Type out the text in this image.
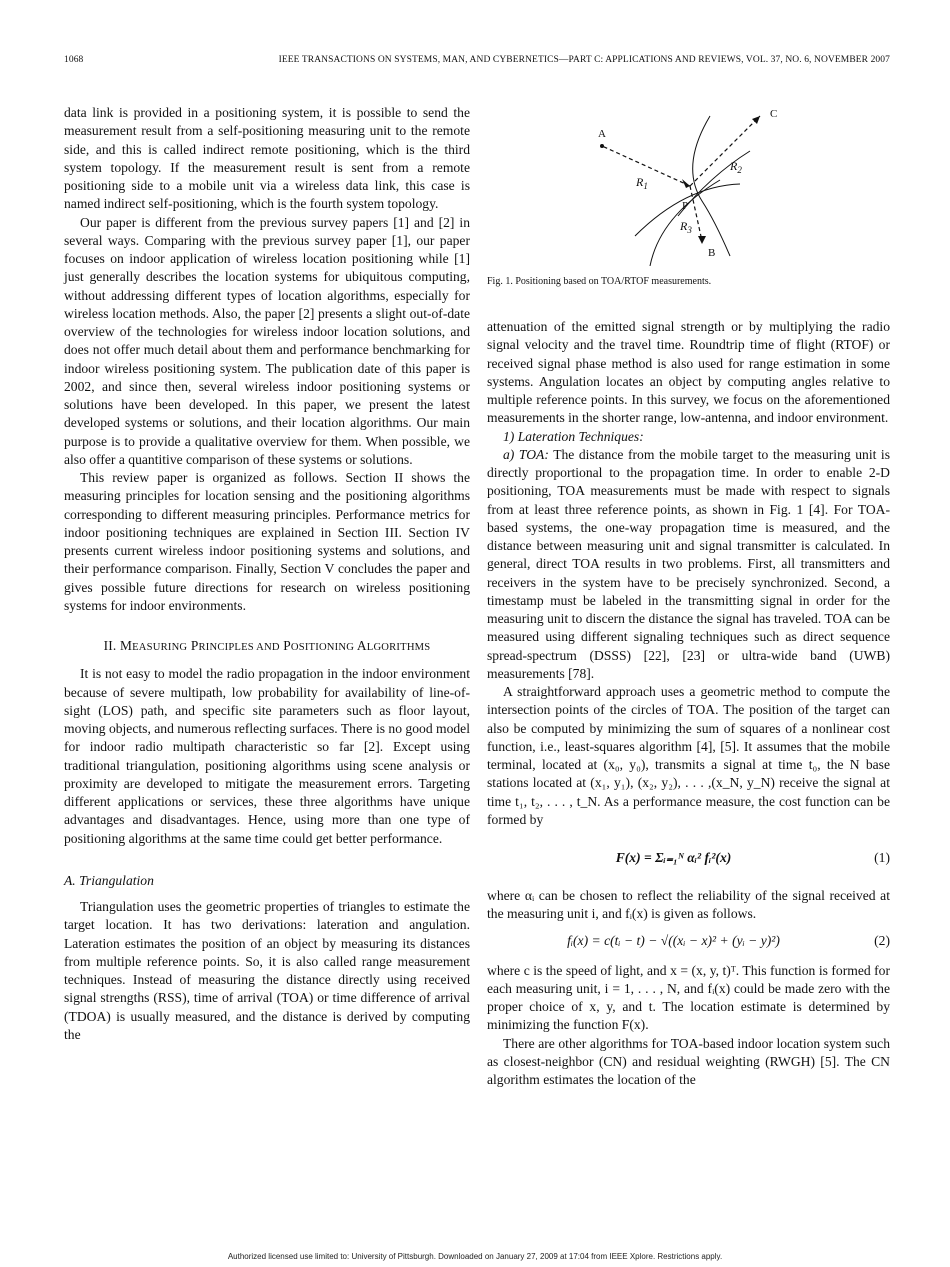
1068	IEEE TRANSACTIONS ON SYSTEMS, MAN, AND CYBERNETICS—PART C: APPLICATIONS AND REVIEWS, VOL. 37, NO. 6, NOVEMBER 2007

data link is provided in a positioning system, it is possible to send the measurement result from a self-positioning measuring unit to the remote side, and this is called indirect remote positioning, which is the third system topology. If the measurement result is sent from a remote positioning side to a mobile unit via a wireless data link, this case is named indirect self-positioning, which is the fourth system topology.

Our paper is different from the previous survey papers [1] and [2] in several ways. Comparing with the previous survey paper [1], our paper focuses on indoor application of wireless location positioning while [1] just generally describes the location systems for ubiquitous computing, without addressing different types of location algorithms, especially for wireless location methods. Also, the paper [2] presents a slight out-of-date overview of the technologies for wireless indoor location solutions, and does not offer much detail about them and performance benchmarking for indoor wireless positioning system. The publication date of this paper is 2002, and since then, several wireless indoor positioning systems or solutions have been developed. In this paper, we present the latest developed systems or solutions, and their location algorithms. Our main purpose is to provide a qualitative overview for them. When possible, we also offer a quantitive comparison of these systems or solutions.

This review paper is organized as follows. Section II shows the measuring principles for location sensing and the positioning algorithms corresponding to different measuring principles. Performance metrics for indoor positioning techniques are explained in Section III. Section IV presents current wireless indoor positioning systems and solutions, and their performance comparison. Finally, Section V concludes the paper and gives possible future directions for research on wireless positioning systems for indoor environments.

II. MEASURING PRINCIPLES AND POSITIONING ALGORITHMS

It is not easy to model the radio propagation in the indoor environment because of severe multipath, low probability for availability of line-of-sight (LOS) path, and specific site parameters such as floor layout, moving objects, and numerous reflecting surfaces. There is no good model for indoor radio multipath characteristic so far [2]. Except using traditional triangulation, positioning algorithms using scene analysis or proximity are developed to mitigate the measurement errors. Targeting different applications or services, these three algorithms have unique advantages and disadvantages. Hence, using more than one type of positioning algorithms at the same time could get better performance.

A. Triangulation

Triangulation uses the geometric properties of triangles to estimate the target location. It has two derivations: lateration and angulation. Lateration estimates the position of an object by measuring its distances from multiple reference points. So, it is also called range measurement techniques. Instead of measuring the distance directly using received signal strengths (RSS), time of arrival (TOA) or time difference of arrival (TDOA) is usually measured, and the distance is derived by computing the

A
C
B
P
$R_1$
$R_2$
$R_3$
Fig. 1. Positioning based on TOA/RTOF measurements.

attenuation of the emitted signal strength or by multiplying the radio signal velocity and the travel time. Roundtrip time of flight (RTOF) or received signal phase method is also used for range estimation in some systems. Angulation locates an object by computing angles relative to multiple reference points. In this survey, we focus on the aforementioned measurements in the shorter range, low-antenna, and indoor environment.

1) Lateration Techniques:

a) TOA: The distance from the mobile target to the measuring unit is directly proportional to the propagation time. In order to enable 2-D positioning, TOA measurements must be made with respect to signals from at least three reference points, as shown in Fig. 1 [4]. For TOA-based systems, the one-way propagation time is measured, and the distance between measuring unit and signal transmitter is calculated. In general, direct TOA results in two problems. First, all transmitters and receivers in the system have to be precisely synchronized. Second, a timestamp must be labeled in the transmitting signal in order for the measuring unit to discern the distance the signal has traveled. TOA can be measured using different signaling techniques such as direct sequence spread-spectrum (DSSS) [22], [23] or ultra-wide band (UWB) measurements [78].

A straightforward approach uses a geometric method to compute the intersection points of the circles of TOA. The position of the target can also be computed by minimizing the sum of squares of a nonlinear cost function, i.e., least-squares algorithm [4], [5]. It assumes that the mobile terminal, located at (x₀, y₀), transmits a signal at time t₀, the N base stations located at (x₁, y₁), (x₂, y₂), . . . ,(x_N, y_N) receive the signal at time t₁, t₂, . . . , t_N. As a performance measure, the cost function can be formed by

F(x) = Σᵢ₌₁ᴺ αᵢ² fᵢ²(x)	(1)

where αᵢ can be chosen to reflect the reliability of the signal received at the measuring unit i, and fᵢ(x) is given as follows.

fᵢ(x) = c(tᵢ − t) − √((xᵢ − x)² + (yᵢ − y)²)	(2)

where c is the speed of light, and x = (x, y, t)ᵀ. This function is formed for each measuring unit, i = 1, . . . , N, and fᵢ(x) could be made zero with the proper choice of x, y, and t. The location estimate is determined by minimizing the function F(x).

There are other algorithms for TOA-based indoor location system such as closest-neighbor (CN) and residual weighting (RWGH) [5]. The CN algorithm estimates the location of the

Authorized licensed use limited to: University of Pittsburgh. Downloaded on January 27, 2009 at 17:04 from IEEE Xplore. Restrictions apply.
